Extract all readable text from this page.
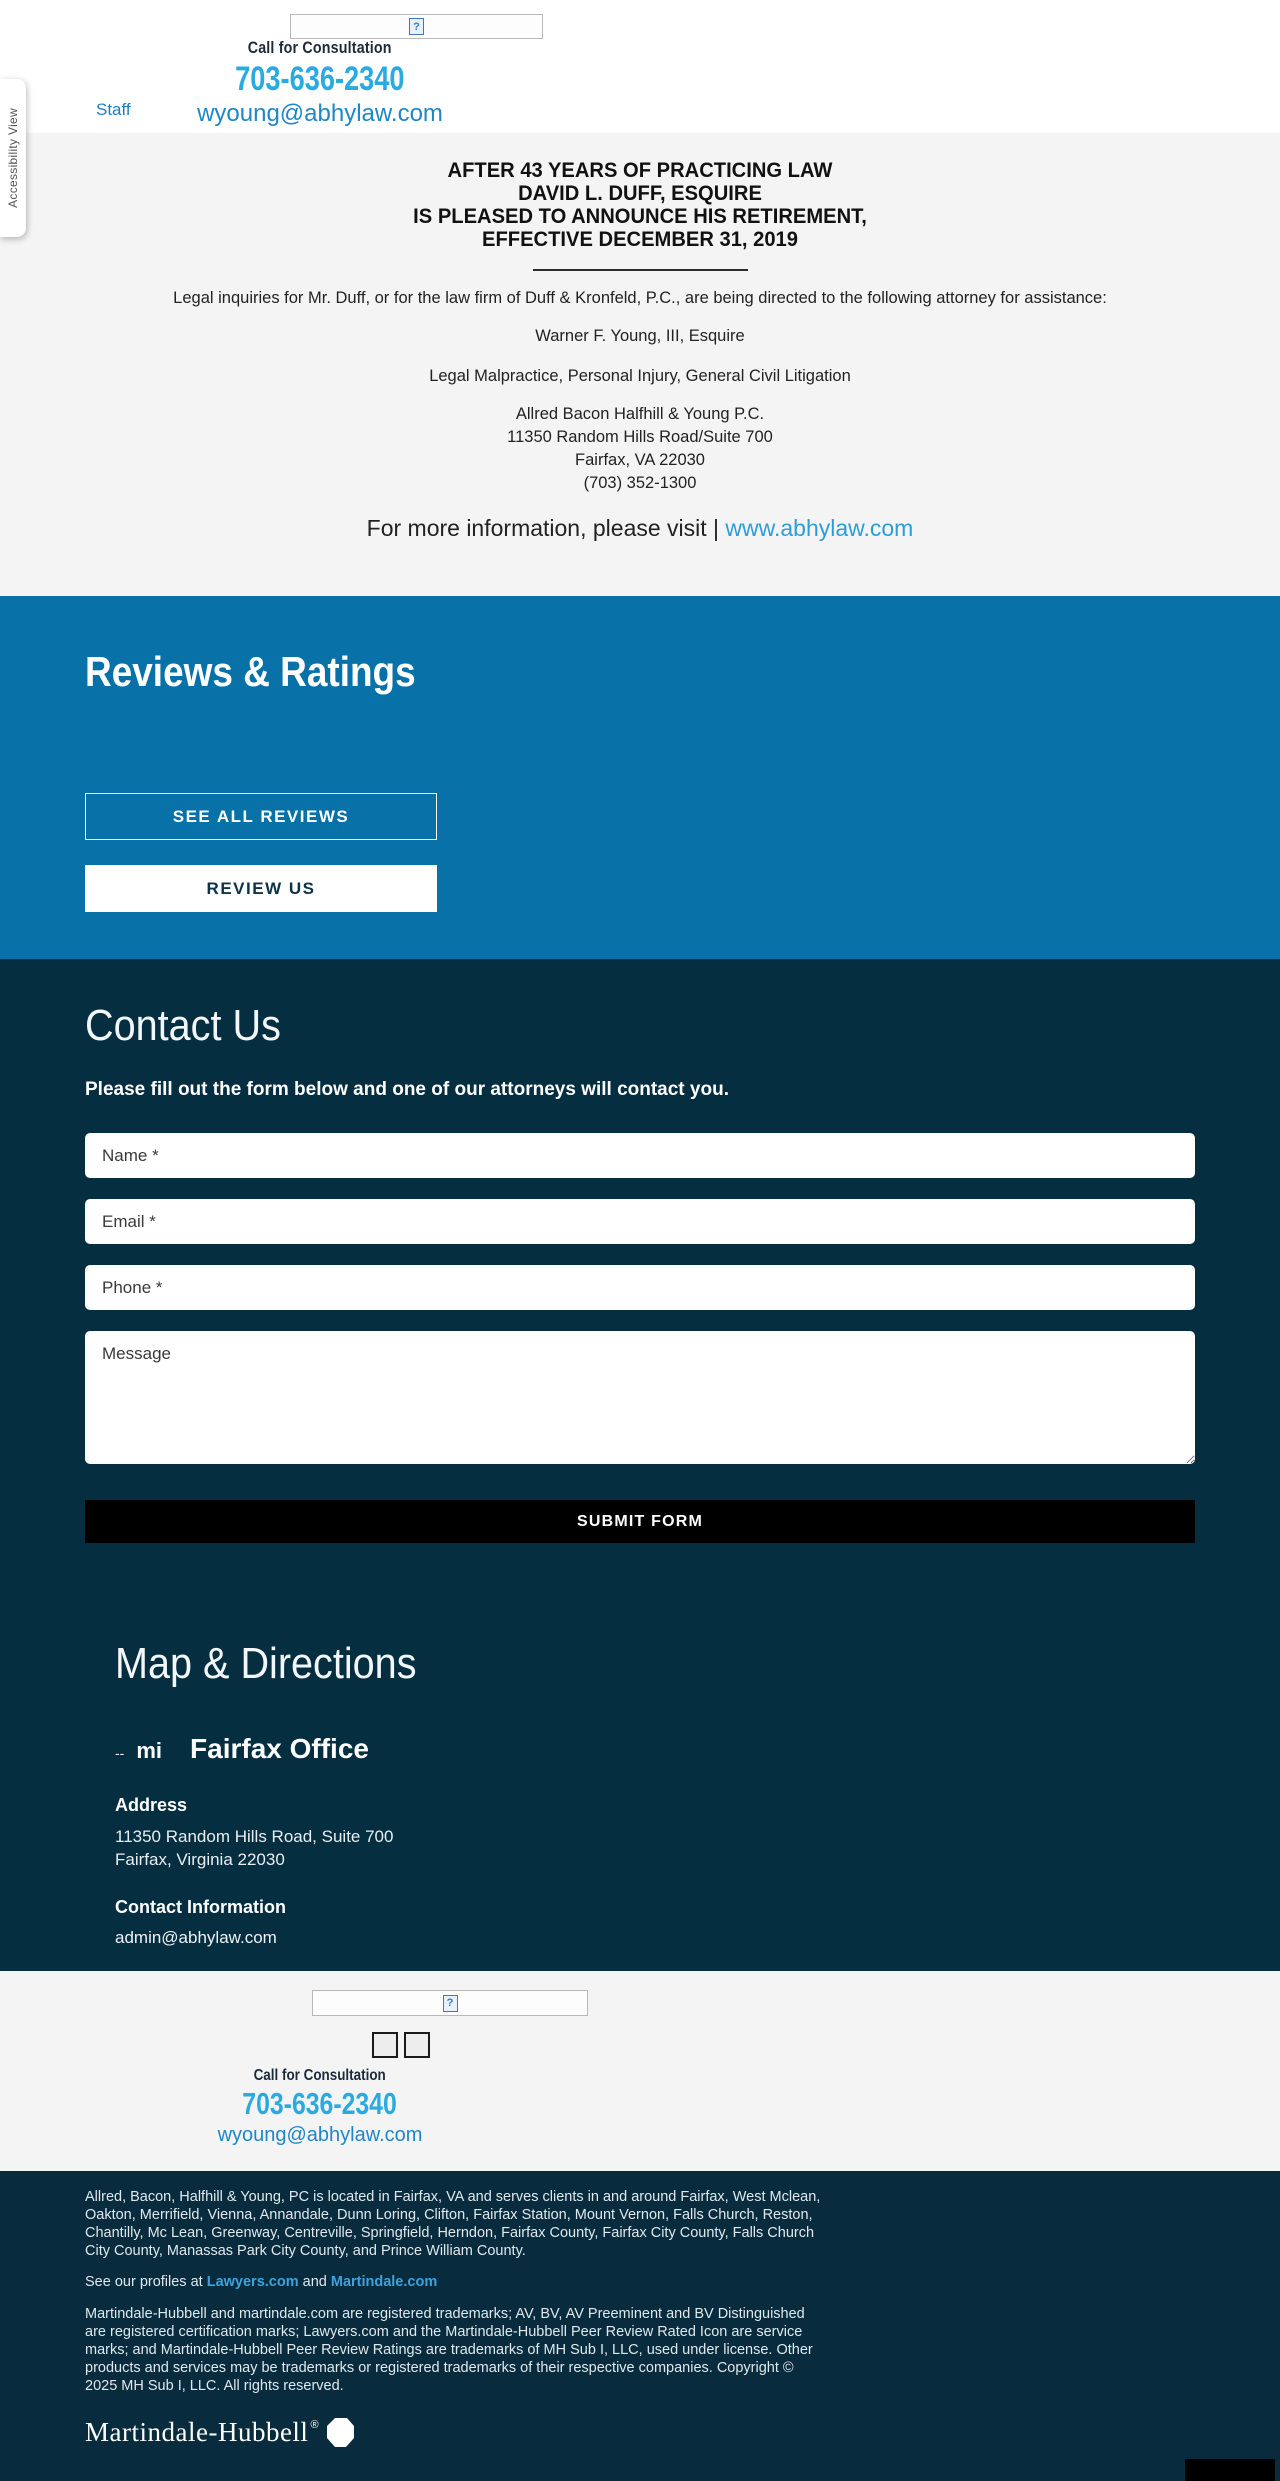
Accessibility View
?
Call for Consultation
703-636-2340
wyoung@abhylaw.com
Staff
AFTER 43 YEARS OF PRACTICING LAW
DAVID L. DUFF, ESQUIRE
IS PLEASED TO ANNOUNCE HIS RETIREMENT,
EFFECTIVE DECEMBER 31, 2019

Legal inquiries for Mr. Duff, or for the law firm of Duff & Kronfeld, P.C., are being directed to the following attorney for assistance:

Warner F. Young, III, Esquire

Legal Malpractice, Personal Injury, General Civil Litigation

Allred Bacon Halfhill & Young P.C.
11350 Random Hills Road/Suite 700
Fairfax, VA 22030
(703) 352-1300

For more information, please visit | www.abhylaw.com

Reviews & Ratings
SEE ALL REVIEWS
REVIEW US
Contact Us
Please fill out the form below and one of our attorneys will contact you.
Name *
Email *
Phone *
Message SUBMIT FORM
Map & Directions
-- mi Fairfax Office
Address
11350 Random Hills Road, Suite 700
Fairfax, Virginia 22030
Contact Information
admin@abhylaw.com
?
Call for Consultation
703-636-2340
wyoung@abhylaw.com

Allred, Bacon, Halfhill & Young, PC is located in Fairfax, VA and serves clients in and around Fairfax, West Mclean, Oakton, Merrifield, Vienna, Annandale, Dunn Loring, Clifton, Fairfax Station, Mount Vernon, Falls Church, Reston, Chantilly, Mc Lean, Greenway, Centreville, Springfield, Herndon, Fairfax County, Fairfax City County, Falls Church City County, Manassas Park City County, and Prince William County.

See our profiles at Lawyers.com and Martindale.com

Martindale-Hubbell and martindale.com are registered trademarks; AV, BV, AV Preeminent and BV Distinguished are registered certification marks; Lawyers.com and the Martindale-Hubbell Peer Review Rated Icon are service marks; and Martindale-Hubbell Peer Review Ratings are trademarks of MH Sub I, LLC, used under license. Other products and services may be trademarks or registered trademarks of their respective companies. Copyright © 2025 MH Sub I, LLC. All rights reserved.

Martindale-Hubbell ®
